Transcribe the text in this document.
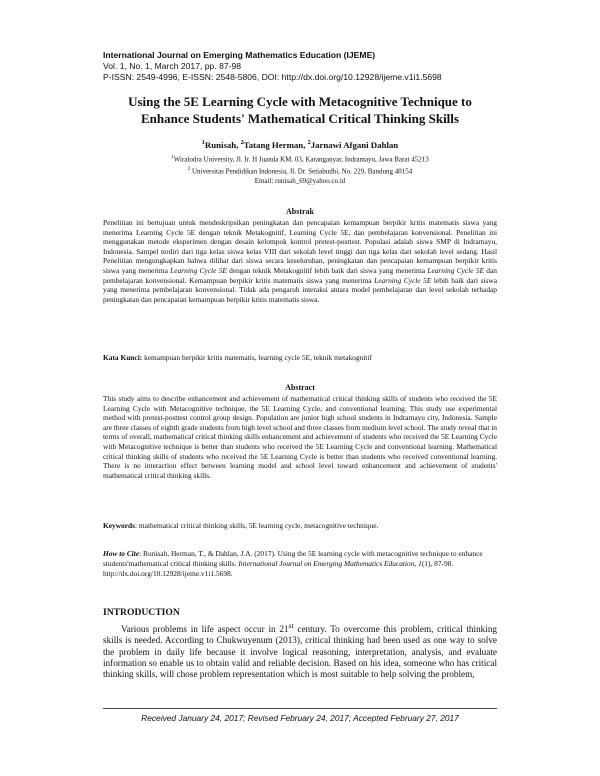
International Journal on Emerging Mathematics Education (IJEME)
Vol. 1, No. 1, March 2017, pp. 87-98
P-ISSN: 2549-4996, E-ISSN: 2548-5806, DOI: http://dx.doi.org/10.12928/ijeme.v1i1.5698
Using the 5E Learning Cycle with Metacognitive Technique to
Enhance Students' Mathematical Critical Thinking Skills
$^1$Runisah, $^2$Tatang Herman, $^2$Jarnawi Afgani Dahlan
$^1$Wiralodra University, Jl. Ir. H Juanda KM. 03, Karanganyar, Indramayu, Jawa Barat 45213
$^2$ Universitas Pendidikan Indonesia, Jl. Dr. Setiabudhi, No. 229, Bandung 40154
Email: runisah_69@yahoo.co.id
Abstrak
Penelitian ini bertujuan untuk mendeskripsikan peningkatan dan pencapaian kemampuan berpikir kritis matematis siswa yang menerima Learning Cycle 5E dengan teknik Metakognitif, Learning Cycle 5E, dan pembelajaran konvensional. Penelitian ini menggunakan metode eksperimen dengan desain kelompok kontrol pretest-posttest. Populasi adalah siswa SMP di Indramayu, Indonesia. Sampel terdiri dari tiga kelas siswa kelas VIII dari sekolah level tinggi dan tiga kelas dari sekolah level sedang. Hasil Penelitian mengungkapkan bahwa dilihat dari siswa secara keseluruhan, peningkatan dan pencapaian kemampuan berpikir kritis siswa yang menerima Learning Cycle 5E dengan teknik Metakognitif lebih baik dari siswa yang menerima Learning Cycle 5E dan pembelajaran konvensional. Kemampuan berpikir kritis matematis siswa yang menerima Learning Cycle 5E lebih baik dari siswa yang menerima pembelajaran konvensional. Tidak ada pengaruh interaksi antara model pembelajaran dan level sekolah terhadap peningkatan dan pencapaian kemampuan berpikir kritis matematis siswa.
Kata Kunci: kemampuan berpikir kritis matematis, learning cycle 5E, teknik metakognitif
Abstract
This study aims to describe enhancement and achievement of mathematical critical thinking skills of students who received the 5E Learning Cycle with Metacognitive technique, the 5E Learning Cycle, and conventional learning. This study use experimental method with pretest-posttest control group design. Population are junior high school students in Indramayu city, Indonesia. Sample are three classes of eighth grade students from high level school and three classes from medium level school. The study reveal that in terms of overall, mathematical critical thinking skills enhancement and achievement of students who received the 5E Learning Cycle with Metacognitive technique is better than students who received the 5E Learning Cycle and conventional learning. Mathematical critical thinking skills of students who received the 5E Learning Cycle is better than students who received conventional learning. There is no interaction effect between learning model and school level toward enhancement and achievement of students' mathematical critical thinking skills.
Keywords: mathematical critical thinking skills, 5E learning cycle, metacognitive technique.
How to Cite: Runisah, Herman, T., & Dahlan, J.A. (2017). Using the 5E learning cycle with metacognitive technique to enhance students'mathematical critical thinking skills. International Journal on Emerging Mathematics Education, 1(1), 87-98. http://dx.doi.org/10.12928/ijeme.v1i1.5698.
INTRODUCTION
Various problems in life aspect occur in 21st century. To overcome this problem, critical thinking skills is needed. According to Chukwuyenum (2013), critical thinking had been used as one way to solve the problem in daily life because it involve logical reasoning, interpretation, analysis, and evaluate information so enable us to obtain valid and reliable decision. Based on his idea, someone who has critical thinking skills, will chose problem representation which is most suitable to help solving the problem,
Received January 24, 2017; Revised February 24, 2017; Accepted February 27, 2017
